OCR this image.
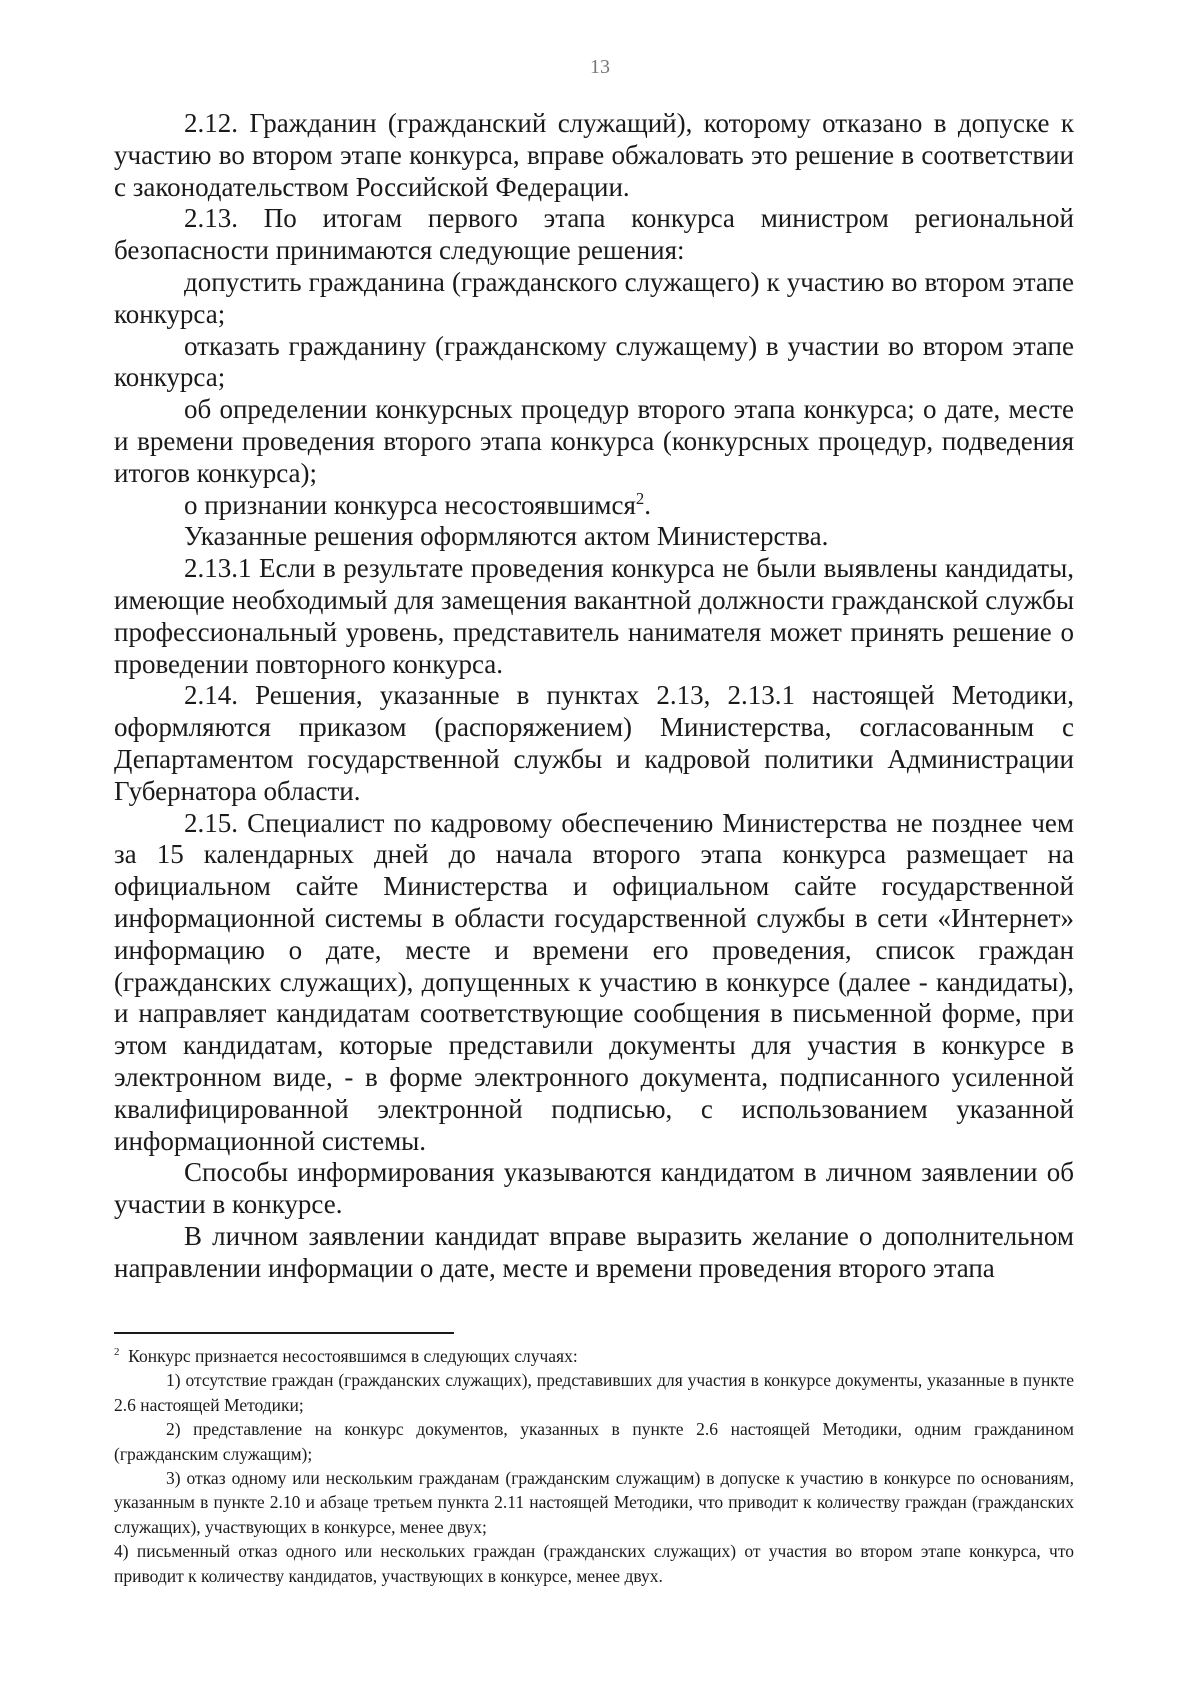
13

2.12. Гражданин (гражданский служащий), которому отказано в допуске к участию во втором этапе конкурса, вправе обжаловать это решение в соответствии с законодательством Российской Федерации.

2.13. По итогам первого этапа конкурса министром региональной безопасности принимаются следующие решения:

допустить гражданина (гражданского служащего) к участию во втором этапе конкурса;

отказать гражданину (гражданскому служащему) в участии во втором этапе конкурса;

об определении конкурсных процедур второго этапа конкурса; о дате, месте и времени проведения второго этапа конкурса (конкурсных процедур, подведения итогов конкурса);

о признании конкурса несостоявшимся$^2$.

Указанные решения оформляются актом Министерства.

2.13.1 Если в результате проведения конкурса не были выявлены кандидаты, имеющие необходимый для замещения вакантной должности гражданской службы профессиональный уровень, представитель нанимателя может принять решение о проведении повторного конкурса.

2.14. Решения, указанные в пунктах 2.13, 2.13.1 настоящей Методики, оформляются приказом (распоряжением) Министерства, согласованным с Департаментом государственной службы и кадровой политики Администрации Губернатора области.

2.15. Специалист по кадровому обеспечению Министерства не позднее чем за 15 календарных дней до начала второго этапа конкурса размещает на официальном сайте Министерства и официальном сайте государственной информационной системы в области государственной службы в сети «Интернет» информацию о дате, месте и времени его проведения, список граждан (гражданских служащих), допущенных к участию в конкурсе (далее - кандидаты), и направляет кандидатам соответствующие сообщения в письменной форме, при этом кандидатам, которые представили документы для участия в конкурсе в электронном виде, - в форме электронного документа, подписанного усиленной квалифицированной электронной подписью, с использованием указанной информационной системы.

Способы информирования указываются кандидатом в личном заявлении об участии в конкурсе.

В личном заявлении кандидат вправе выразить желание о дополнительном направлении информации о дате, месте и времени проведения второго этапа

$^2$ Конкурс признается несостоявшимся в следующих случаях:

1) отсутствие граждан (гражданских служащих), представивших для участия в конкурсе документы, указанные в пункте 2.6 настоящей Методики;

2) представление на конкурс документов, указанных в пункте 2.6 настоящей Методики, одним гражданином (гражданским служащим);

3) отказ одному или нескольким гражданам (гражданским служащим) в допуске к участию в конкурсе по основаниям, указанным в пункте 2.10 и абзаце третьем пункта 2.11 настоящей Методики, что приводит к количеству граждан (гражданских служащих), участвующих в конкурсе, менее двух;

4) письменный отказ одного или нескольких граждан (гражданских служащих) от участия во втором этапе конкурса, что приводит к количеству кандидатов, участвующих в конкурсе, менее двух.
